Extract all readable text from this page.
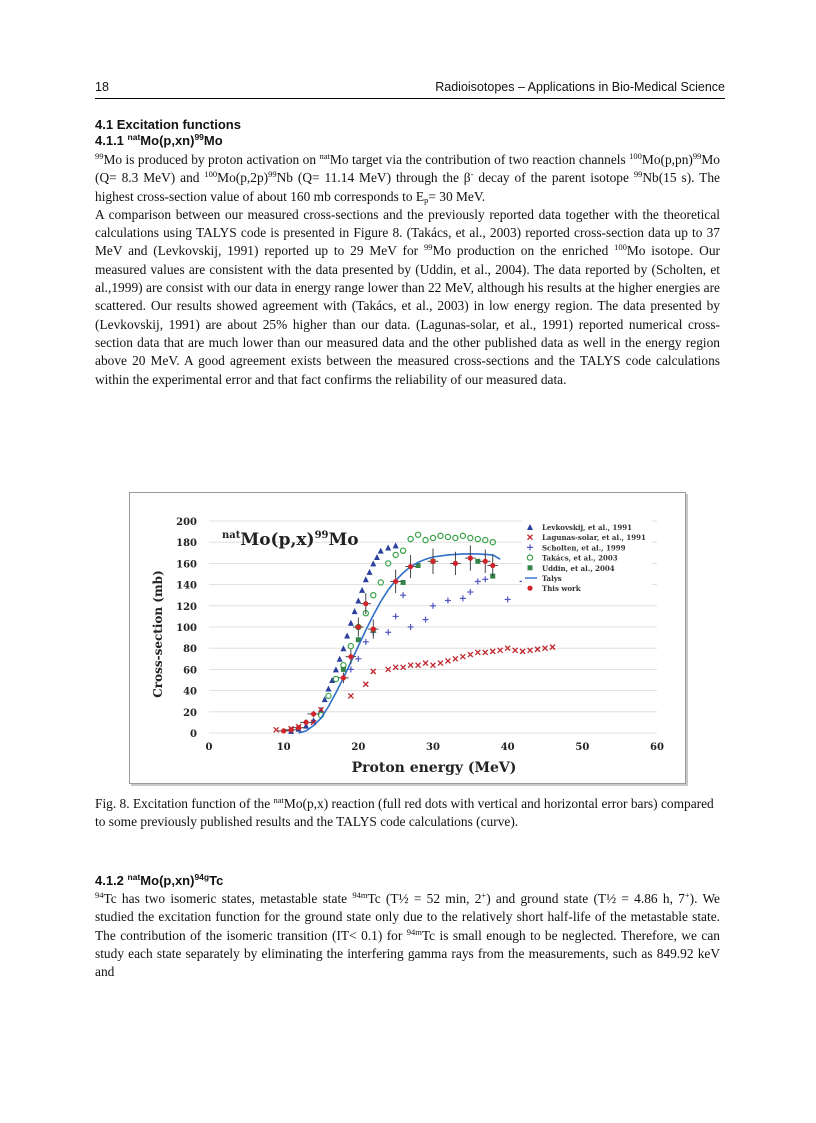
18	Radioisotopes – Applications in Bio-Medical Science
4.1 Excitation functions
4.1.1 $^{nat}Mo(p,xn)^{99}Mo$

$^{99}$Mo is produced by proton activation on $^{nat}$Mo target via the contribution of two reaction channels $^{100}Mo(p,pn)^{99}Mo$ (Q= 8.3 MeV) and $^{100}Mo(p,2p)^{99}Nb$ (Q= 11.14 MeV) through the β- decay of the parent isotope $^{99}$Nb(15 s). The highest cross-section value of about 160 mb corresponds to $E_p= 30$ MeV.

A comparison between our measured cross-sections and the previously reported data together with the theoretical calculations using TALYS code is presented in Figure 8. (Takács, et al., 2003) reported cross-section data up to 37 MeV and (Levkovskij, 1991) reported up to 29 MeV for $^{99}$Mo production on the enriched $^{100}$Mo isotope. Our measured values are consistent with the data presented by (Uddin, et al., 2004). The data reported by (Scholten, et al.,1999) are consist with our data in energy range lower than 22 MeV, although his results at the higher energies are scattered. Our results showed agreement with (Takács, et al., 2003) in low energy region. The data presented by (Levkovskij, 1991) are about 25% higher than our data. (Lagunas-solar, et al., 1991) reported numerical cross-section data that are much lower than our measured data and the other published data as well in the energy region above 20 MeV. A good agreement exists between the measured cross-sections and the TALYS code calculations within the experimental error and that fact confirms the reliability of our measured data.

0
20
40
60
80
100
120
140
160
180
200
0	10	20	30	40	50	60
$^{nat}Mo(p,x)^{99}Mo$
Proton energy (MeV)
Cross-section (mb)
Levkovskij, et al., 1991
Lagunas-solar, et al., 1991
Scholten, et al., 1999
Takács, et al., 2003
Uddin, et al., 2004
Talys
This work
Fig. 8. Excitation function of the $^{nat}$Mo(p,x) reaction (full red dots with vertical and horizontal error bars) compared to some previously published results and the TALYS code calculations (curve).
4.1.2 $^{nat}Mo(p,xn)^{94g}Tc$

$^{94}$Tc has two isomeric states, metastable state $^{94m}$Tc (T½ = 52 min, 2+) and ground state (T½ = 4.86 h, 7+). We studied the excitation function for the ground state only due to the relatively short half-life of the metastable state. The contribution of the isomeric transition (IT< 0.1) for $^{94m}$Tc is small enough to be neglected. Therefore, we can study each state separately by eliminating the interfering gamma rays from the measurements, such as 849.92 keV and
